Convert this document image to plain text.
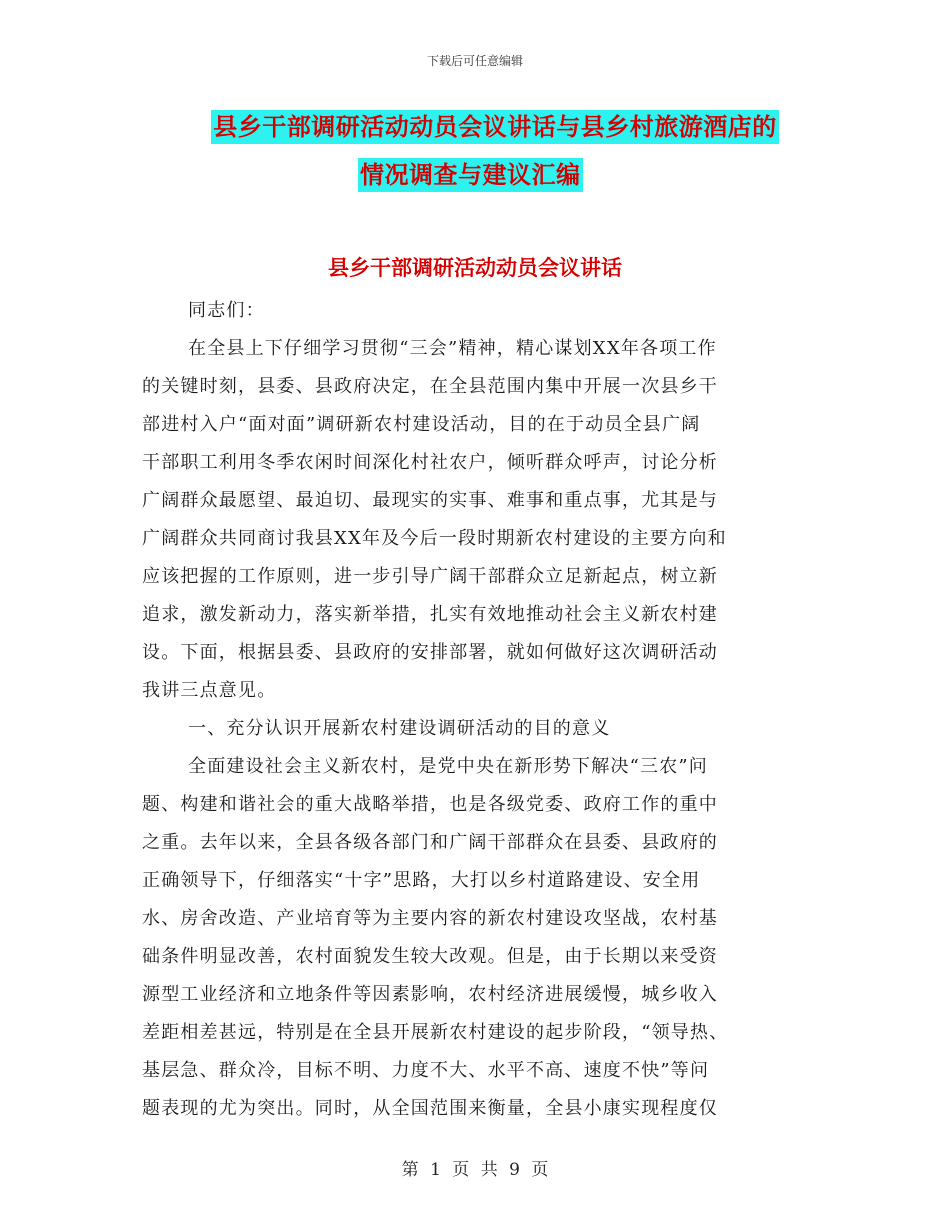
下载后可任意编辑
县乡干部调研活动动员会议讲话与县乡村旅游酒店的
情况调查与建议汇编
县乡干部调研活动动员会议讲话
同志们：
在全县上下仔细学习贯彻“三会”精神，精心谋划XX年各项工作
的关键时刻，县委、县政府决定，在全县范围内集中开展一次县乡干
部进村入户“面对面”调研新农村建设活动，目的在于动员全县广阔
干部职工利用冬季农闲时间深化村社农户，倾听群众呼声，讨论分析
广阔群众最愿望、最迫切、最现实的实事、难事和重点事，尤其是与
广阔群众共同商讨我县XX年及今后一段时期新农村建设的主要方向和
应该把握的工作原则，进一步引导广阔干部群众立足新起点，树立新
追求，激发新动力，落实新举措，扎实有效地推动社会主义新农村建
设。下面，根据县委、县政府的安排部署，就如何做好这次调研活动
我讲三点意见。
一、充分认识开展新农村建设调研活动的目的意义
全面建设社会主义新农村，是党中央在新形势下解决“三农”问
题、构建和谐社会的重大战略举措，也是各级党委、政府工作的重中
之重。去年以来，全县各级各部门和广阔干部群众在县委、县政府的
正确领导下，仔细落实“十字”思路，大打以乡村道路建设、安全用
水、房舍改造、产业培育等为主要内容的新农村建设攻坚战，农村基
础条件明显改善，农村面貌发生较大改观。但是，由于长期以来受资
源型工业经济和立地条件等因素影响，农村经济进展缓慢，城乡收入
差距相差甚远，特别是在全县开展新农村建设的起步阶段，“领导热、
基层急、群众冷，目标不明、力度不大、水平不高、速度不快”等问
题表现的尤为突出。同时，从全国范围来衡量，全县小康实现程度仅
第 1 页 共 9 页
